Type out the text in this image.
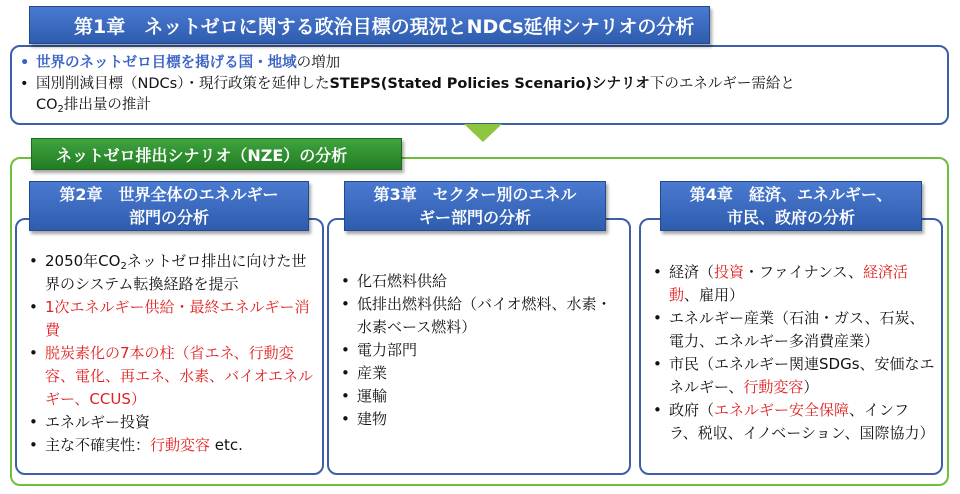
第1章　ネットゼロに関する政治目標の現況とNDCs延伸シナリオの分析
• 世界のネットゼロ目標を掲げる国・地域の増加
• 国別削減目標（NDCs）・現行政策を延伸したSTEPS(Stated Policies Scenario)シナリオ下のエネルギー需給と
$CO_2$排出量の推計
ネットゼロ排出シナリオ（NZE）の分析
• 2050年$CO_2$ネットゼロ排出に向けた世界のシステム転換経路を提示
• 1次エネルギー供給・最終エネルギー消費
• 脱炭素化の7本の柱（省エネ、行動変容、電化、再エネ、水素、バイオエネルギー、CCUS）
• エネルギー投資
• 主な不確実性：行動変容 etc.
第2章　世界全体のエネルギー
部門の分析
• 化石燃料供給
• 低排出燃料供給（バイオ燃料、水素・水素ベース燃料）
• 電力部門
• 産業
• 運輸
• 建物
第3章　セクター別のエネル
ギー部門の分析
• 経済（投資・ファイナンス、経済活動、雇用）
• エネルギー産業（石油・ガス、石炭、電力、エネルギー多消費産業）
• 市民（エネルギー関連SDGs、安価なエネルギー、行動変容）
• 政府（エネルギー安全保障、インフラ、税収、イノベーション、国際協力）
第4章　経済、エネルギー、
市民、政府の分析
